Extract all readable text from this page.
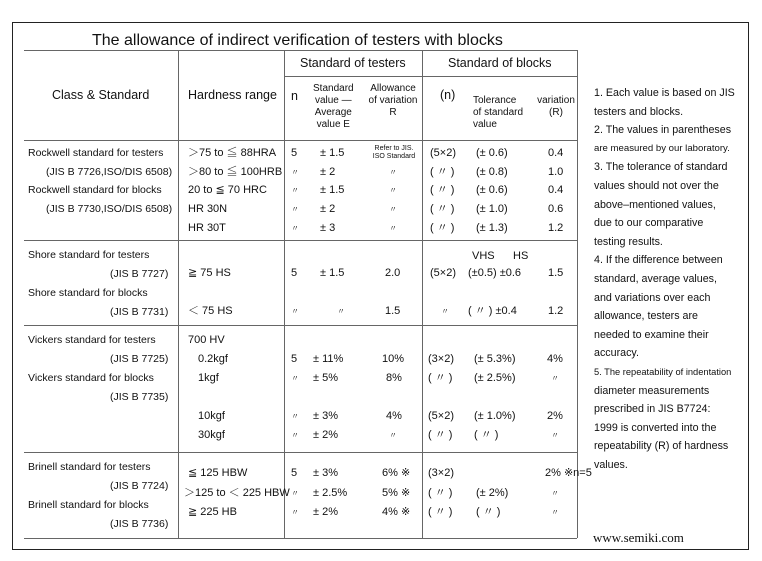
The allowance of indirect verification of testers with blocks
Class & Standard	Hardness range
Standard of testers	Standard of blocks
n
Standard
value —
Average
value E
Allowance
of variation
R
(n) Tolerance
of standard
value
variation
(R)
Rockwell standard for testers
(JIS B 7726,ISO/DIS 6508)
Rockwell standard for blocks
(JIS B 7730,ISO/DIS 6508)
＞75 to ≦ 88HRA
＞80 to ≦ 100HRB
20 to ≦ 70 HRC
HR 30N
HR 30T
5
〃
〃
〃
〃
± 1.5
± 2
± 1.5
± 2
± 3
Refer to JIS.
ISO Standard
〃
〃
〃
〃
(5×2)
( 〃 )
( 〃 )
( 〃 )
( 〃 )
(± 0.6)
(± 0.8)
(± 0.6)
(± 1.0)
(± 1.3)
0.4
1.0
0.4
0.6
1.2
Shore standard for testers
(JIS B 7727)
Shore standard for blocks
(JIS B 7731)
≧ 75 HS
＜ 75 HS
5
〃
± 1.5
〃
2.0
1.5
VHS HS
(5×2)
〃
(±0.5) ±0.6
( 〃 ) ±0.4
1.5
1.2
Vickers standard for testers
(JIS B 7725)
Vickers standard for blocks
(JIS B 7735)
700 HV
0.2kgf
1kgf
10kgf
30kgf
5
〃
〃
〃
± 11%
± 5%
± 3%
± 2%
10%
8%
4%
〃
(3×2)
( 〃 )
(5×2)
( 〃 )
(± 5.3%)
(± 2.5%)
(± 1.0%)
( 〃 )
4%
〃
2%
〃
Brinell standard for testers
(JIS B 7724)
Brinell standard for blocks
(JIS B 7736)
≦ 125 HBW
＞125 to ＜ 225 HBW
≧ 225 HB
5
〃
〃
± 3%
± 2.5%
± 2%
6% ※
5% ※
4% ※
(3×2)
( 〃 )
( 〃 )
(± 2%)
( 〃 )
2% ※n=5
〃
〃
1. Each value is based on JIS
testers and blocks.
2. The values in parentheses
are measured by our laboratory.
3. The tolerance of standard
values should not over the
above–mentioned values,
due to our comparative
testing results.
4. If the difference between
standard, average values,
and variations over each
allowance, testers are
needed to examine their
accuracy.
5. The repeatability of indentation
diameter measurements
prescribed in JIS B7724:
1999 is converted into the
repeatability (R) of hardness
values.
www.semiki.com
